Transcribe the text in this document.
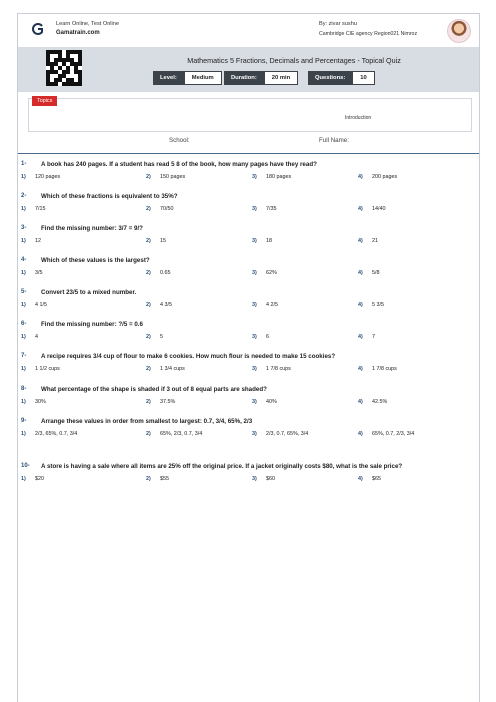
Learn Online, Test Online
Gamatrain.com
By: zivar sushu
Cambridge CIE agency Region021 Nimroz
Mathematics 5 Fractions, Decimals and Percentages - Topical Quiz
Level:	Medium	Duration:	20 min	Questions:	10
Topics
Introduction
School:	Full Name:
1- A book has 240 pages. If a student has read 5 8 of the book, how many pages have they read?
1) 120 pages	2) 150 pages	3) 180 pages	4) 200 pages
2- Which of these fractions is equivalent to 35%?
1) 7/15	2) 70/50	3) 7/35	4) 14/40
3- Find the missing number: 3/7 = 9/?
1) 12	2) 15	3) 18	4) 21
4- Which of these values is the largest?
1) 3/5	2) 0.65	3) 62%	4) 5/8
5- Convert 23/5 to a mixed number.
1) 4 1/5	2) 4 3/5	3) 4 2/5	4) 5 3/5
6- Find the missing number: ?/5 = 0.6
1) 4	2) 5	3) 6	4) 7
7- A recipe requires 3/4 cup of flour to make 6 cookies. How much flour is needed to make 15 cookies?
1) 1 1/2 cups	2) 1 3/4 cups	3) 1 7/8 cups	4) 1 7/8 cups
8- What percentage of the shape is shaded if 3 out of 8 equal parts are shaded?
1) 30%	2) 37.5%	3) 40%	4) 42.5%
9- Arrange these values in order from smallest to largest: 0.7, 3/4, 65%, 2/3
1) 2/3, 65%, 0.7, 3/4	2) 65%, 2/3, 0.7, 3/4	3) 2/3, 0.7, 65%, 3/4	4) 65%, 0.7, 2/3, 3/4
10- A store is having a sale where all items are 25% off the original price. If a jacket originally costs $80, what is the sale price?
1) $20	2) $55	3) $60	4) $65
